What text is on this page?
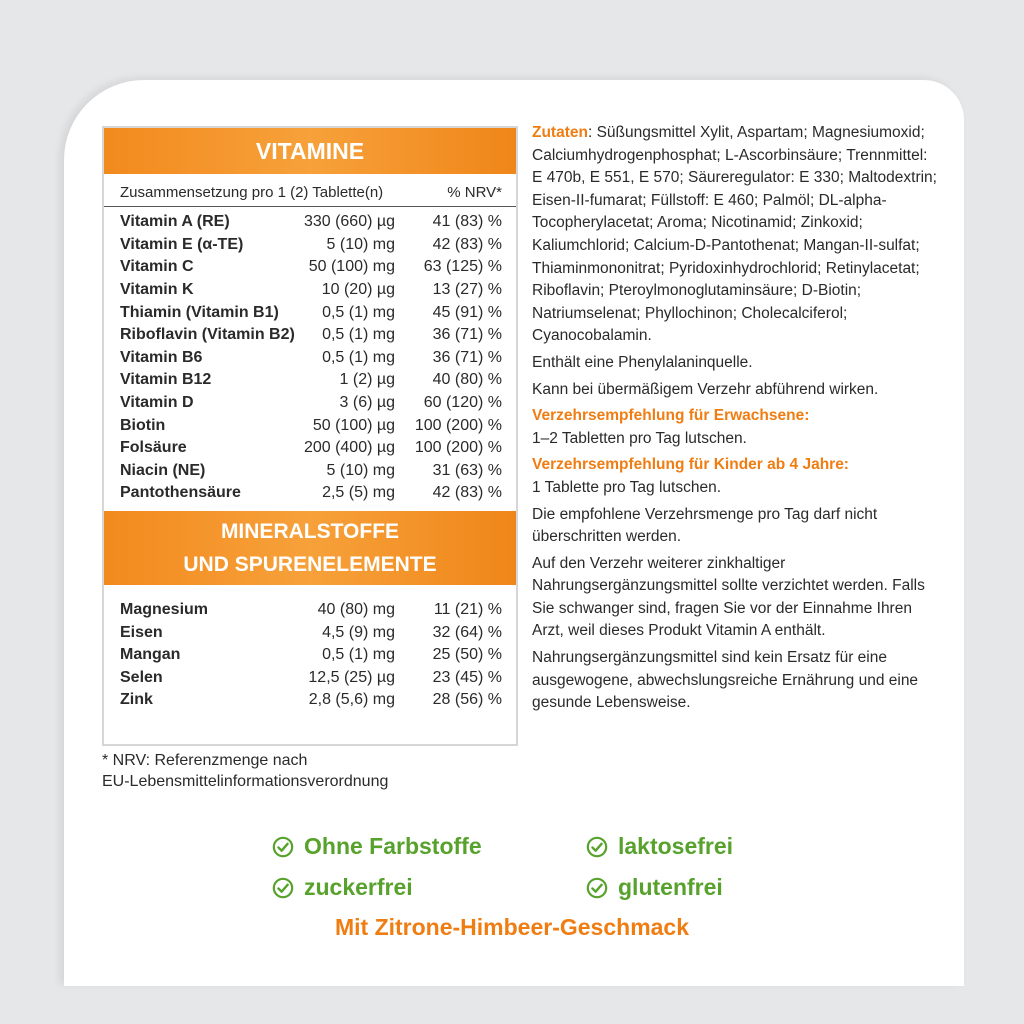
VITAMINE
Zusammensetzung pro 1 (2) Tablette(n)	% NRV*
Vitamin A (RE)	330 (660) µg	41 (83) %
Vitamin E (α-TE)	5 (10) mg	42 (83) %
Vitamin C	50 (100) mg	63 (125) %
Vitamin K	10 (20) µg	13 (27) %
Thiamin (Vitamin B1)	0,5 (1) mg	45 (91) %
Riboflavin (Vitamin B2)	0,5 (1) mg	36 (71) %
Vitamin B6	0,5 (1) mg	36 (71) %
Vitamin B12	1 (2) µg	40 (80) %
Vitamin D	3 (6) µg	60 (120) %
Biotin	50 (100) µg	100 (200) %
Folsäure	200 (400) µg	100 (200) %
Niacin (NE)	5 (10) mg	31 (63) %
Pantothensäure	2,5 (5) mg	42 (83) %
MINERALSTOFFE
UND SPURENELEMENTE
Magnesium	40 (80) mg	11 (21) %
Eisen	4,5 (9) mg	32 (64) %
Mangan	0,5 (1) mg	25 (50) %
Selen	12,5 (25) µg	23 (45) %
Zink	2,8 (5,6) mg	28 (56) %
* NRV: Referenzmenge nach
EU-Lebensmittelinformationsverordnung

Zutaten: Süßungsmittel Xylit, Aspartam; Magnesiumoxid; Calciumhydrogenphosphat; L-Ascorbinsäure; Trennmittel: E 470b, E 551, E 570; Säureregulator: E 330; Maltodextrin; Eisen-II-fumarat; Füllstoff: E 460; Palmöl; DL-alpha-Tocopherylacetat; Aroma; Nicotinamid; Zinkoxid; Kaliumchlorid; Calcium-D-Pantothenat; Mangan-II-sulfat; Thiaminmononitrat; Pyridoxinhydrochlorid; Retinylacetat; Riboflavin; Pteroylmonoglutaminsäure; D-Biotin; Natriumselenat; Phyllochinon; Cholecalciferol; Cyanocobalamin.

Enthält eine Phenylalaninquelle.

Kann bei übermäßigem Verzehr abführend wirken.

Verzehrsempfehlung für Erwachsene:

1–2 Tabletten pro Tag lutschen.

Verzehrsempfehlung für Kinder ab 4 Jahre:

1 Tablette pro Tag lutschen.

Die empfohlene Verzehrsmenge pro Tag darf nicht überschritten werden.

Auf den Verzehr weiterer zinkhaltiger Nahrungsergänzungsmittel sollte verzichtet werden. Falls Sie schwanger sind, fragen Sie vor der Einnahme Ihren Arzt, weil dieses Produkt Vitamin A enthält.

Nahrungsergänzungsmittel sind kein Ersatz für eine ausgewogene, abwechslungsreiche Ernährung und eine gesunde Lebensweise.

Ohne Farbstoffe	laktosefrei
zuckerfrei	glutenfrei
Mit Zitrone-Himbeer-Geschmack
